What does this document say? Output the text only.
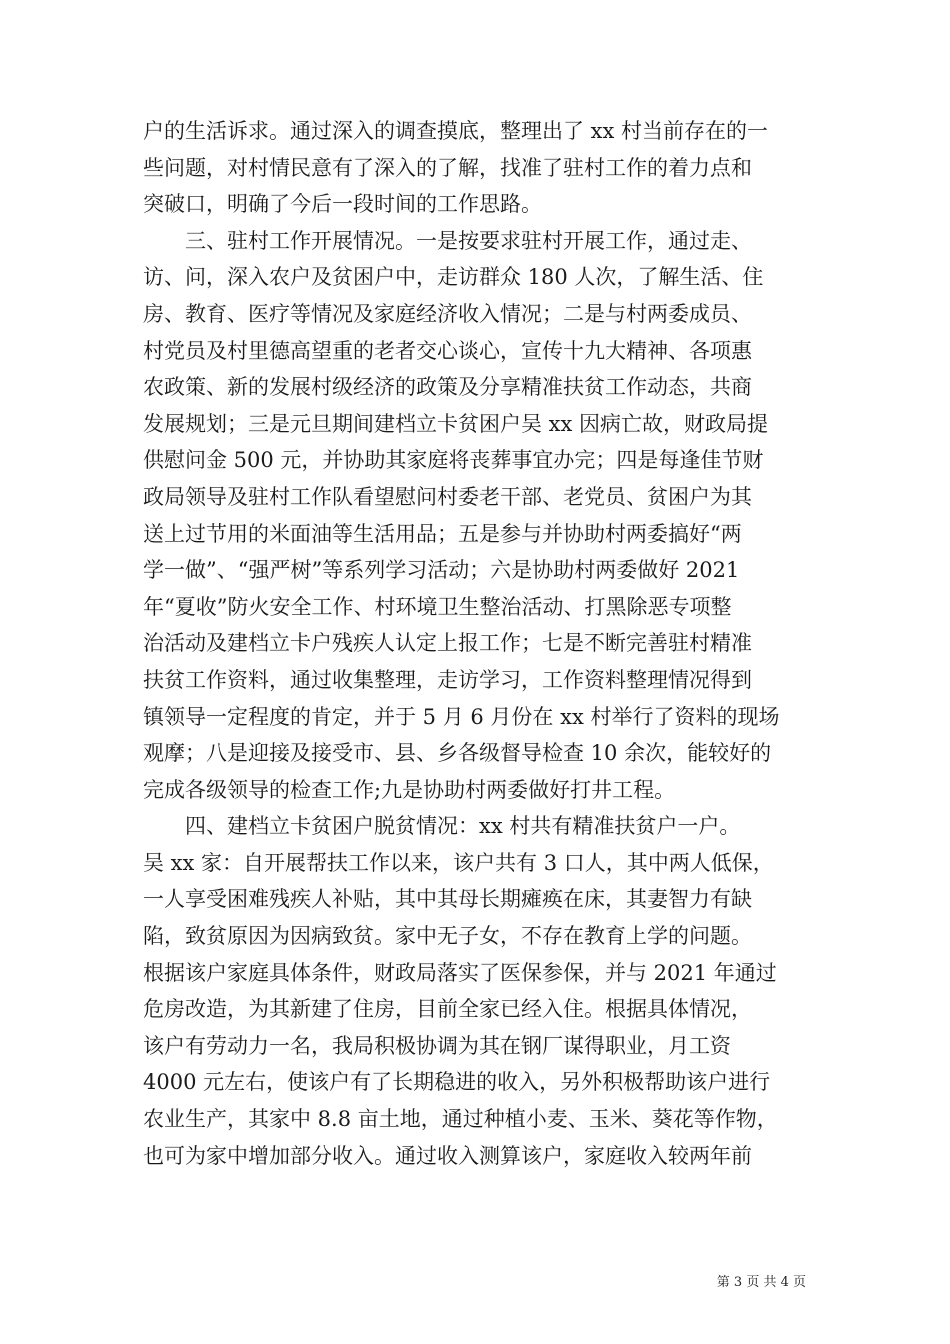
户的生活诉求。通过深入的调查摸底，整理出了 xx 村当前存在的一
些问题，对村情民意有了深入的了解，找准了驻村工作的着力点和
突破口，明确了今后一段时间的工作思路。
　　三、驻村工作开展情况。一是按要求驻村开展工作，通过走、
访、问，深入农户及贫困户中，走访群众 180 人次，了解生活、住
房、教育、医疗等情况及家庭经济收入情况；二是与村两委成员、
村党员及村里德高望重的老者交心谈心，宣传十九大精神、各项惠
农政策、新的发展村级经济的政策及分享精准扶贫工作动态，共商
发展规划；三是元旦期间建档立卡贫困户吴 xx 因病亡故，财政局提
供慰问金 500 元，并协助其家庭将丧葬事宜办完；四是每逢佳节财
政局领导及驻村工作队看望慰问村委老干部、老党员、贫困户为其
送上过节用的米面油等生活用品；五是参与并协助村两委搞好“两
学一做”、“强严树”等系列学习活动；六是协助村两委做好 2021
年“夏收”防火安全工作、村环境卫生整治活动、打黑除恶专项整
治活动及建档立卡户残疾人认定上报工作；七是不断完善驻村精准
扶贫工作资料，通过收集整理，走访学习，工作资料整理情况得到
镇领导一定程度的肯定，并于 5 月 6 月份在 xx 村举行了资料的现场
观摩；八是迎接及接受市、县、乡各级督导检查 10 余次，能较好的
完成各级领导的检查工作;九是协助村两委做好打井工程。
　　四、建档立卡贫困户脱贫情况：xx 村共有精准扶贫户一户。
吴 xx 家：自开展帮扶工作以来，该户共有 3 口人，其中两人低保，
一人享受困难残疾人补贴，其中其母长期瘫痪在床，其妻智力有缺
陷，致贫原因为因病致贫。家中无子女，不存在教育上学的问题。
根据该户家庭具体条件，财政局落实了医保参保，并与 2021 年通过
危房改造，为其新建了住房，目前全家已经入住。根据具体情况，
该户有劳动力一名，我局积极协调为其在钢厂谋得职业，月工资
4000 元左右，使该户有了长期稳进的收入，另外积极帮助该户进行
农业生产，其家中 8.8 亩土地，通过种植小麦、玉米、葵花等作物，
也可为家中增加部分收入。通过收入测算该户，家庭收入较两年前
第 3 页 共 4 页
